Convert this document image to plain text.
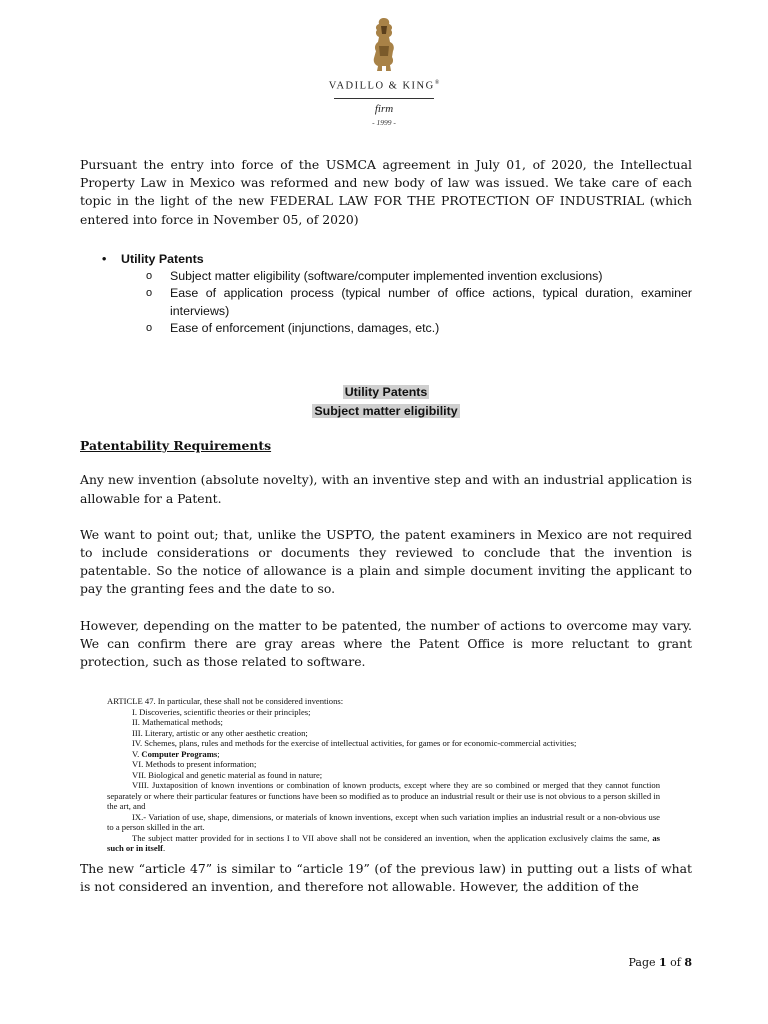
VADILLO & KING®
firm
- 1999 -

Pursuant the entry into force of the USMCA agreement in July 01, of 2020, the Intellectual Property Law in Mexico was reformed and new body of law was issued. We take care of each topic in the light of the new FEDERAL LAW FOR THE PROTECTION OF INDUSTRIAL (which entered into force in November 05, of 2020)

• Utility Patents
o Subject matter eligibility (software/computer implemented invention exclusions)
o Ease of application process (typical number of office actions, typical duration, examiner interviews)
o Ease of enforcement (injunctions, damages, etc.)
Utility Patents
Subject matter eligibility

Patentability Requirements

Any new invention (absolute novelty), with an inventive step and with an industrial application is allowable for a Patent.

We want to point out; that, unlike the USPTO, the patent examiners in Mexico are not required to include considerations or documents they reviewed to conclude that the invention is patentable. So the notice of allowance is a plain and simple document inviting the applicant to pay the granting fees and the date to so.

However, depending on the matter to be patented, the number of actions to overcome may vary. We can confirm there are gray areas where the Patent Office is more reluctant to grant protection, such as those related to software.

ARTICLE 47. In particular, these shall not be considered inventions:

I. Discoveries, scientific theories or their principles;

II. Mathematical methods;

III. Literary, artistic or any other aesthetic creation;

IV. Schemes, plans, rules and methods for the exercise of intellectual activities, for games or for economic-commercial activities;

V. Computer Programs;

VI. Methods to present information;

VII. Biological and genetic material as found in nature;

VIII. Juxtaposition of known inventions or combination of known products, except where they are so combined or merged that they cannot function separately or where their particular features or functions have been so modified as to produce an industrial result or their use is not obvious to a person skilled in the art, and

IX.- Variation of use, shape, dimensions, or materials of known inventions, except when such variation implies an industrial result or a non-obvious use to a person skilled in the art.

The subject matter provided for in sections I to VII above shall not be considered an invention, when the application exclusively claims the same, as such or in itself.

The new “article 47” is similar to “article 19” (of the previous law) in putting out a lists of what is not considered an invention, and therefore not allowable. However, the addition of the

Page 1 of 8
